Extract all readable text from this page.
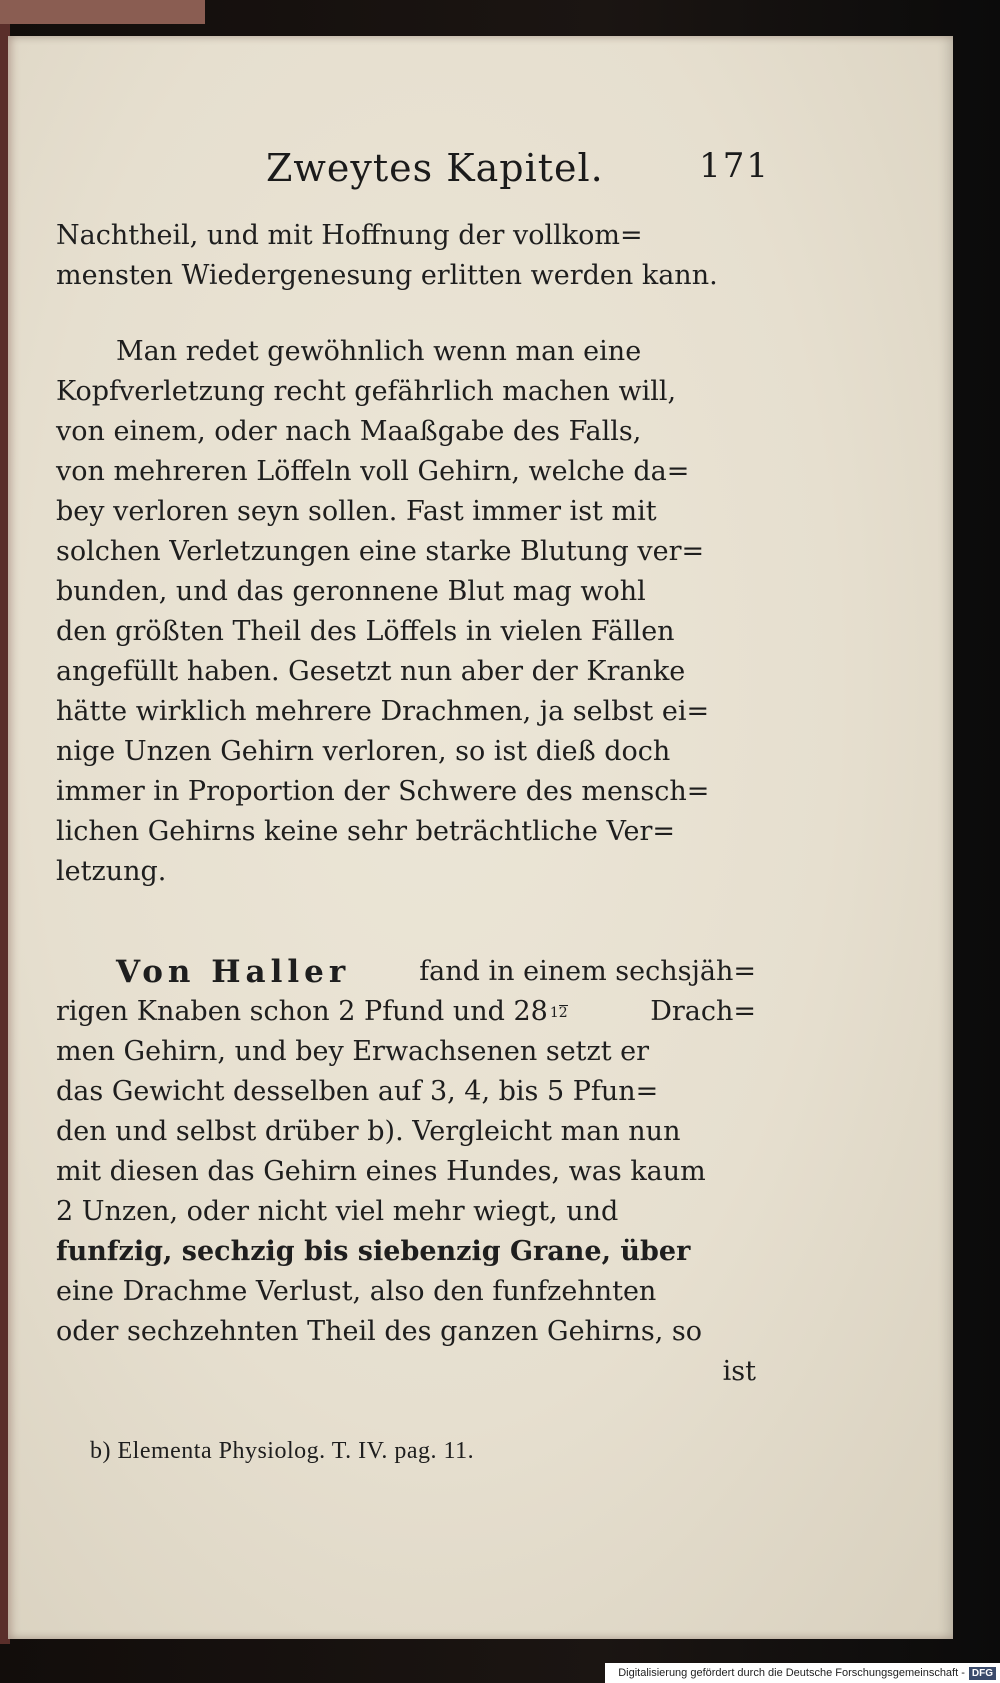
Zweytes Kapitel.	171
Nachtheil, und mit Hoffnung der vollkom=
mensten Wiedergenesung erlitten werden kann.
Man redet gewöhnlich wenn man eine
Kopfverletzung recht gefährlich machen will,
von einem, oder nach Maaßgabe des Falls,
von mehreren Löffeln voll Gehirn, welche da=
bey verloren seyn sollen. Fast immer ist mit
solchen Verletzungen eine starke Blutung ver=
bunden, und das geronnene Blut mag wohl
den größten Theil des Löffels in vielen Fällen
angefüllt haben. Gesetzt nun aber der Kranke
hätte wirklich mehrere Drachmen, ja selbst ei=
nige Unzen Gehirn verloren, so ist dieß doch
immer in Proportion der Schwere des mensch=
lichen Gehirns keine sehr beträchtliche Ver=
letzung.
Von Haller	fand in einem sechsjäh=
rigen Knaben schon 2 Pfund und 28 12	Drach=
men Gehirn, und bey Erwachsenen setzt er
das Gewicht desselben auf 3, 4, bis 5 Pfun=
den und selbst drüber b). Vergleicht man nun
mit diesen das Gehirn eines Hundes, was kaum
2 Unzen, oder nicht viel mehr wiegt, und
funfzig, sechzig bis siebenzig Grane, über
eine Drachme Verlust, also den funfzehnten
oder sechzehnten Theil des ganzen Gehirns, so
ist
b) Elementa Physiolog. T. IV. pag. 11.
Digitalisierung gefördert durch die Deutsche Forschungsgemeinschaft - DFG
